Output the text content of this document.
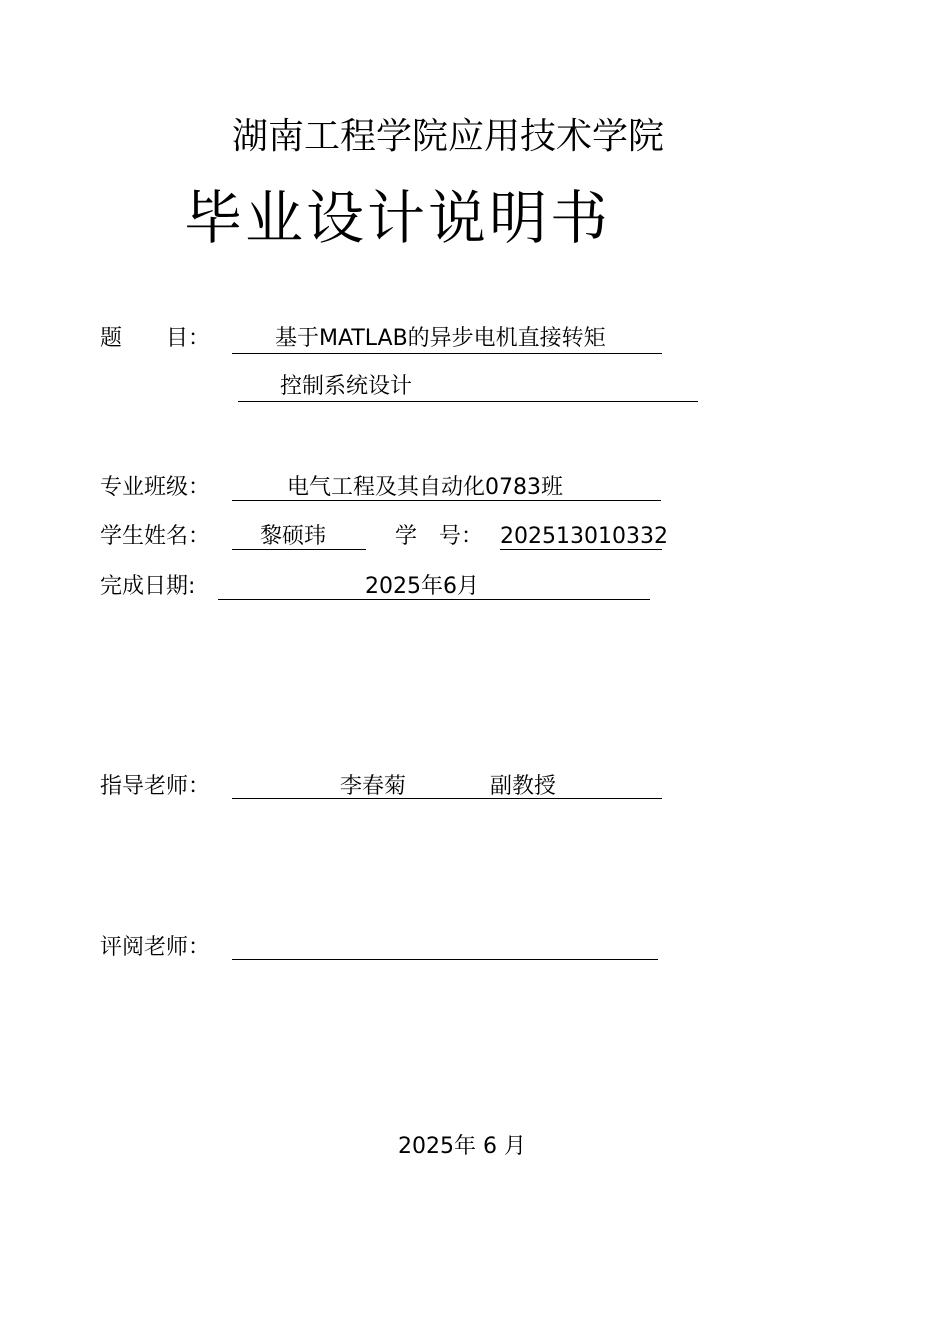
湖南工程学院应用技术学院
毕业设计说明书
题　　目：	基于MATLAB的异步电机直接转矩
控制系统设计
专业班级：	电气工程及其自动化0783班
学生姓名： 黎硕玮	学　号： 202513010332
完成日期:	2025年6月
指导老师：	李春菊	副教授
评阅老师：
2025年 6 月
